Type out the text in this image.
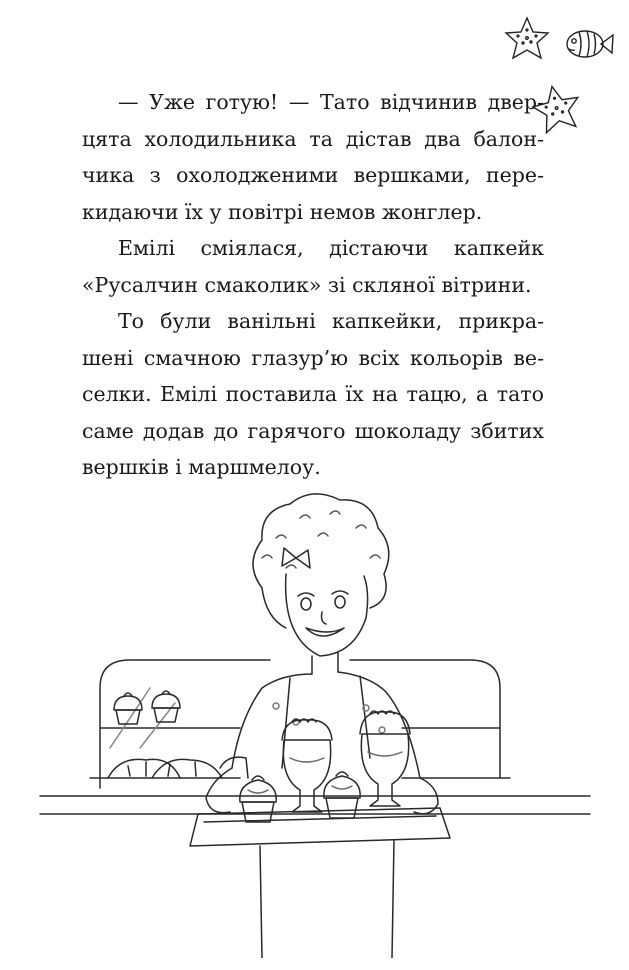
— Уже готую! — Тато відчинив дверцята холодильника та дістав два балончика з охолодженими вершками, перекидаючи їх у повітрі немов жонглер.

Емілі сміялася, дістаючи капкейк «Русалчин смаколик» зі скляної вітрини.

То були ванільні капкейки, прикрашені смачною глазур’ю всіх кольорів веселки. Емілі поставила їх на тацю, а тато саме додав до гарячого шоколаду збитих вершків і маршмелоу.
